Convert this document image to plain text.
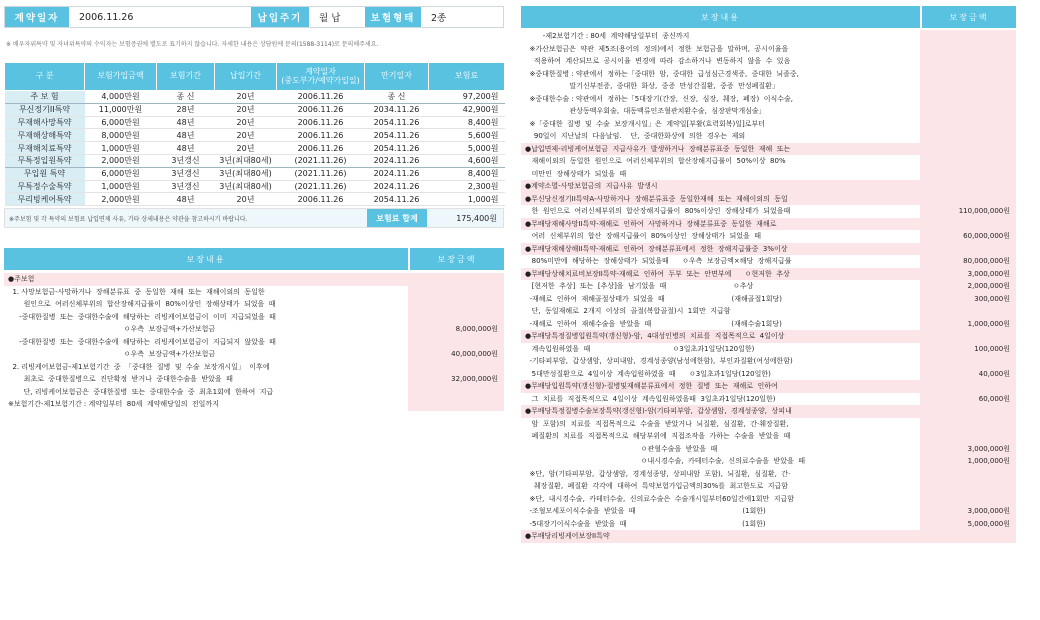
계약일자	2006.11.26	납입주기	월 납	보험형태	2종
※ 배우자위특약 및 자녀위특약의 수익자는 보험증권에 별도로 표기하지 않습니다. 자세한 내용은 상담원에 문의(1588-3114)로 문의해주세요.
구 분	보험가입금액	보험기간	납입기간	계약일자
(중도부가/예약가입일)	만기일자	보험료
주 보 험	4,000만원	종 신	20년	2006.11.26	종 신	97,200원
무신정기II특약	11,000만원	28년	20년	2006.11.26	2034.11.26	42,900원
무재해사망특약	6,000만원	48년	20년	2006.11.26	2054.11.26	8,400원
무재해상해특약	8,000만원	48년	20년	2006.11.26	2054.11.26	5,600원
무재해치료특약	1,000만원	48년	20년	2006.11.26	2054.11.26	5,000원
무특정입원특약	2,000만원	3년갱신	3년(최대80세)	(2021.11.26)	2024.11.26	4,600원
무입원 특약	6,000만원	3년갱신	3년(최대80세)	(2021.11.26)	2024.11.26	8,400원
무특정수술특약	1,000만원	3년갱신	3년(최대80세)	(2021.11.26)	2024.11.26	2,300원
무리빙케어특약	2,000만원	48년	20년	2006.11.26	2054.11.26	1,000원
※주보험 및 각 특약의 보험료 납입면제 사유, 기타 상세내용은 약관을 참고하시기 바랍니다.	보험료 합계	175,400원
보장내용	보장금액
●주보험
1. 사망보험금-사망하거나  장해분류표  중  동일한  재해  또는  재해이외의  동일한
원인으로  여러신체부위의  합산장해지급률이  80%이상인  장해상태가  되었을  때
-중대한질병  또는  중대한수술에  해당하는  리빙케어보험금이  이미  지급되었을  때
ㅇ우측  보장금액+가산보험금	8,000,000원
-중대한질병  또는  중대한수술에  해당하는  리빙케어보험금이  지급되지  않았을  때
ㅇ우측  보장금액+가산보험금	40,000,000원
2. 리빙케어보험금-제1보험기간  중  「중대한  질병  및  수술  보장개시일」  이후에
최초로  중대한질병으로  진단확정  받거나  중대한수술을  받았을  때	32,000,000원
단, 리빙케어보험금은  중대한질병  또는  중대한수술  중  최초1회에  한하여  지급
※보험기간-제1보험기간 : 계약일부터  80세  계약해당일의  전일까지
보장내용	보장금액
-제2보험기간 : 80세  계약해당일부터  종신까지
※가산보험금은  약관  제5조(용어의  정의)에서  정한  보험금을  말하며,  공시이율을
적용하여  계산되므로  공시이율  변경에  따라  감소하거나  변동하지  않을  수  있음
※중대한질병 : 약관에서  정하는「중대한  암,  중대한  급성심근경색증,  중대한  뇌졸중,
말기신부전증,  중대한  화상,  중증  만성간질환,  중증  만성폐질환」
※중대한수술 : 약관에서  정하는「5대장기(간장,  신장,  심장,  췌장,  폐장)  이식수술,
관상동맥우회술,  대동맥류인조혈관치환수술,  심장판막개심술」
※「중대한  질병  및  수술  보장개시일」은  계약일[부활(효력회복)일]로부터
90일이  지난날의  다음날임.    단,  중대한화상에  의한  경우는  제외
●납입면제-리빙케어보험금  지급사유가  발생하거나  장해분류표중  동일한  재해  또는
재해이외의  동일한  원인으로  여러신체부위의  합산장해지급률이  50%이상  80%
미만인  장해상태가  되었을  때
●계약소멸-사망보험금의  지급사유  발생시
●무신당신정기II특약A-사망하거나  장해분류표중  동일한재해  또는  재해이외의  동일
한  원인으로  여러신체부위의  합산장해지급률이  80%이상인  장해상태가  되었을때	110,000,000원
●무배당재해사망II특약-재해로  인하여  사망하거나  장해분류표중  동일한  재해로
여러  신체부위의  합산  장해지급률이  80%이상인  장해상태가  되었을  때	60,000,000원
●무배당재해상해II특약-재해로  인하여  장해분류표에서  정한  장해지급률중  3%이상
80%미만에  해당하는  장해상태가  되었을때      ㅇ우측  보장금액×해당  장해지급률	80,000,000원
●무배당상해치료비보장II특약-재해로  인하여  두부  또는  안면부에      ㅇ현저한  추상	3,000,000원
[현저한  추상]  또는  [추상]을  남기었을  때                              ㅇ추상	2,000,000원
-재해로  인하여  재해골절상태가  되었을  때                              (재해골절1회당)	300,000원
단,  동일재해로  2개지  이상의  골절(복합골절)시  1회만  지급함
-재해로  인하여  재해수술을  받았을  때                                    (재해수술1회당)	1,000,000원
●무배당특정질병입원특약(갱신형)-암,  4대성인병의  치료를  직접목적으로  4일이상
계속입원하였을  때                                     ㅇ3일초과1일당(120일한)	100,000원
-기타피부암,  갑상샘암,  상피내암,  경계성종양(남성에한함),  부인과질환(여성에한함)
5대만성질환으로  4일이상  계속입원하였을  때      ㅇ3일초과1일당(120일한)	40,000원
●무배당입원특약(갱신형)-질병및재해분류표에서  정한  질병  또는  재해로  인하여
그  치료를  직접목적으로  4일이상  계속입원하였을때  3일초과1일당(120일한)	60,000원
●무배당특정질병수술보장특약(갱신형)-암(기타피부암,  갑상샘암,  경계성종양,  상피내
암  포함)의  치료를  직접목적으로  수술을  받았거나  뇌질환,  심질환,  간·췌장질환,
폐질환의  치료를  직접목적으로  해당부위에  직접조작을  가하는  수술을  받았을  때
ㅇ관혈수술을  받았을  때	3,000,000원
ㅇ내시경수술,  카테터수술,  신의료수술을  받았을  때	1,000,000원
※단,  암(기타피부암,  갑상샘암,  경계성종양,  상피내암  포함),  뇌질환,  심질환,  간·
췌장질환,  폐질환  각각에  대하여  특약보험가입금액의30%를  최고한도로  지급함
※단,  내시경수술,  카테터수술,  신의료수술은  수술개시일부터60일간에1회만  지급함
-조혈모세포이식수술을  받았을  때                                                (1회한)	3,000,000원
-5대장기이식수술을  받았을  때                                                    (1회한)	5,000,000원
●무배당리빙케어보장II특약
